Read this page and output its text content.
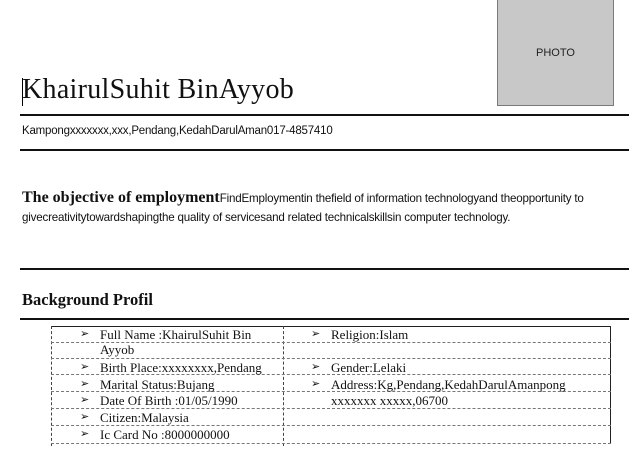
PHOTO
KhairulSuhit BinAyyob
Kampongxxxxxxx,xxx,Pendang,KedahDarulAman017-4857410
The objective of employmentFindEmploymentin thefield of information technologyand theopportunity to givecreativitytowardshapingthe quality of servicesand related technicalskillsin computer technology.
Background Profil
➢ Full Name :KhairulSuhit Bin
Ayyob
➢ Birth Place:xxxxxxxx,Pendang
➢ Marital Status:Bujang
➢ Date Of Birth :01/05/1990
➢ Citizen:Malaysia
➢ Ic Card No :8000000000
➢ Religion:Islam
➢ Gender:Lelaki
➢ Address:Kg,Pendang,KedahDarulAmanpong
xxxxxxx xxxxx,06700
